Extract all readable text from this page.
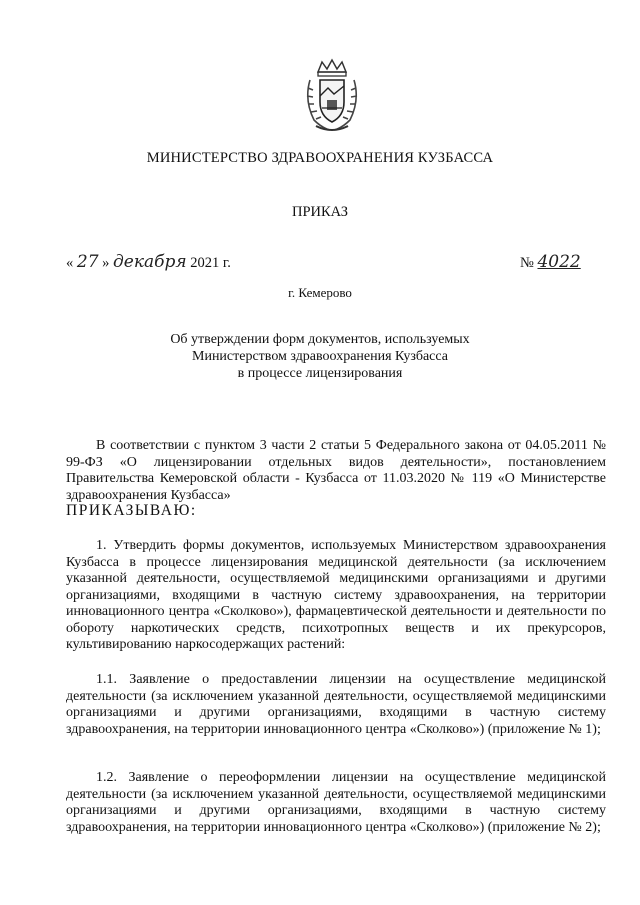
МИНИСТЕРСТВО ЗДРАВООХРАНЕНИЯ КУЗБАССА
ПРИКАЗ
« 27 » декабря 2021 г.	№ 4022
г. Кемерово
Об утверждении форм документов, используемых
Министерством здравоохранения Кузбасса
в процессе лицензирования
В соответствии с пунктом 3 части 2 статьи 5 Федерального закона от 04.05.2011 № 99-ФЗ «О лицензировании отдельных видов деятельности», постановлением Правительства Кемеровской области - Кузбасса от 11.03.2020 № 119 «О Министерстве здравоохранения Кузбасса»
ПРИКАЗЫВАЮ:
1. Утвердить формы документов, используемых Министерством здравоохранения Кузбасса в процессе лицензирования медицинской деятельности (за исключением указанной деятельности, осуществляемой медицинскими организациями и другими организациями, входящими в частную систему здравоохранения, на территории инновационного центра «Сколково»), фармацевтической деятельности и деятельности по обороту наркотических средств, психотропных веществ и их прекурсоров, культивированию наркосодержащих растений:
1.1. Заявление о предоставлении лицензии на осуществление медицинской деятельности (за исключением указанной деятельности, осуществляемой медицинскими организациями и другими организациями, входящими в частную систему здравоохранения, на территории инновационного центра «Сколково») (приложение № 1);
1.2. Заявление о переоформлении лицензии на осуществление медицинской деятельности (за исключением указанной деятельности, осуществляемой медицинскими организациями и другими организациями, входящими в частную систему здравоохранения, на территории инновационного центра «Сколково») (приложение № 2);
